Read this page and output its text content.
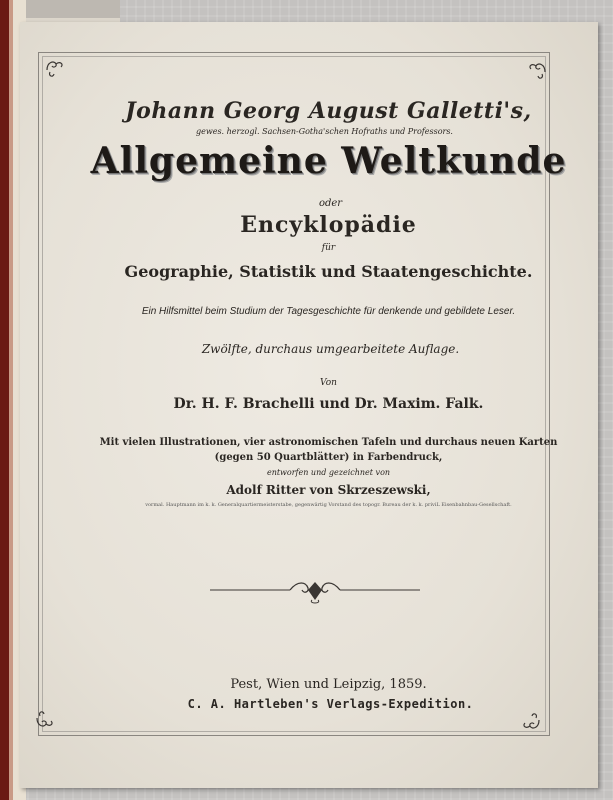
Johann Georg August Galletti's,
gewes. herzogl. Sachsen-Gotha'schen Hofraths und Professors.
Allgemeine Weltkunde
oder
Encyklopädie
für
Geographie, Statistik und Staatengeschichte.
Ein Hilfsmittel beim Studium der Tagesgeschichte für denkende und gebildete Leser.
Zwölfte, durchaus umgearbeitete Auflage.
Von
Dr. H. F. Brachelli und Dr. Maxim. Falk.
Mit vielen Illustrationen, vier astronomischen Tafeln und durchaus neuen Karten
(gegen 50 Quartblätter) in Farbendruck,
entworfen und gezeichnet von
Adolf Ritter von Skrzeszewski,
vormal. Hauptmann im k. k. Generalquartiermeisterstabe, gegenwärtig Vorstand des topogr. Bureau der k. k. priviL Eisenbahnbau-Gesellschaft.
Pest, Wien und Leipzig, 1859.
C. A. Hartleben's Verlags-Expedition.
